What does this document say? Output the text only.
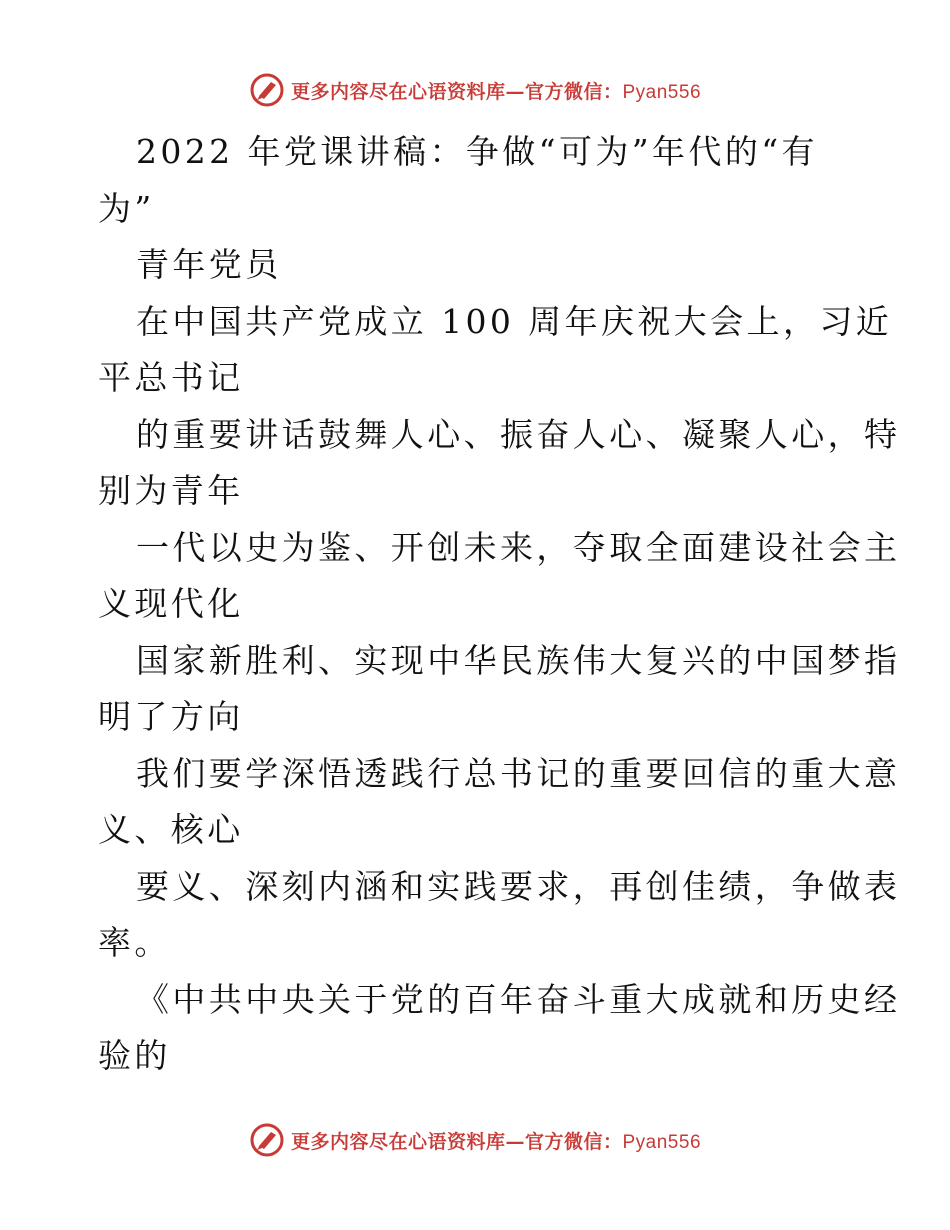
更多内容尽在心语资料库—官方微信：Pyan556
2022 年党课讲稿：争做“可为”年代的“有
为”
青年党员
在中国共产党成立 100 周年庆祝大会上，习近
平总书记
的重要讲话鼓舞人心、振奋人心、凝聚人心，特
别为青年
一代以史为鉴、开创未来，夺取全面建设社会主
义现代化
国家新胜利、实现中华民族伟大复兴的中国梦指
明了方向
我们要学深悟透践行总书记的重要回信的重大意
义、核心
要义、深刻内涵和实践要求，再创佳绩，争做表
率。
《中共中央关于党的百年奋斗重大成就和历史经
验的
更多内容尽在心语资料库—官方微信：Pyan556
